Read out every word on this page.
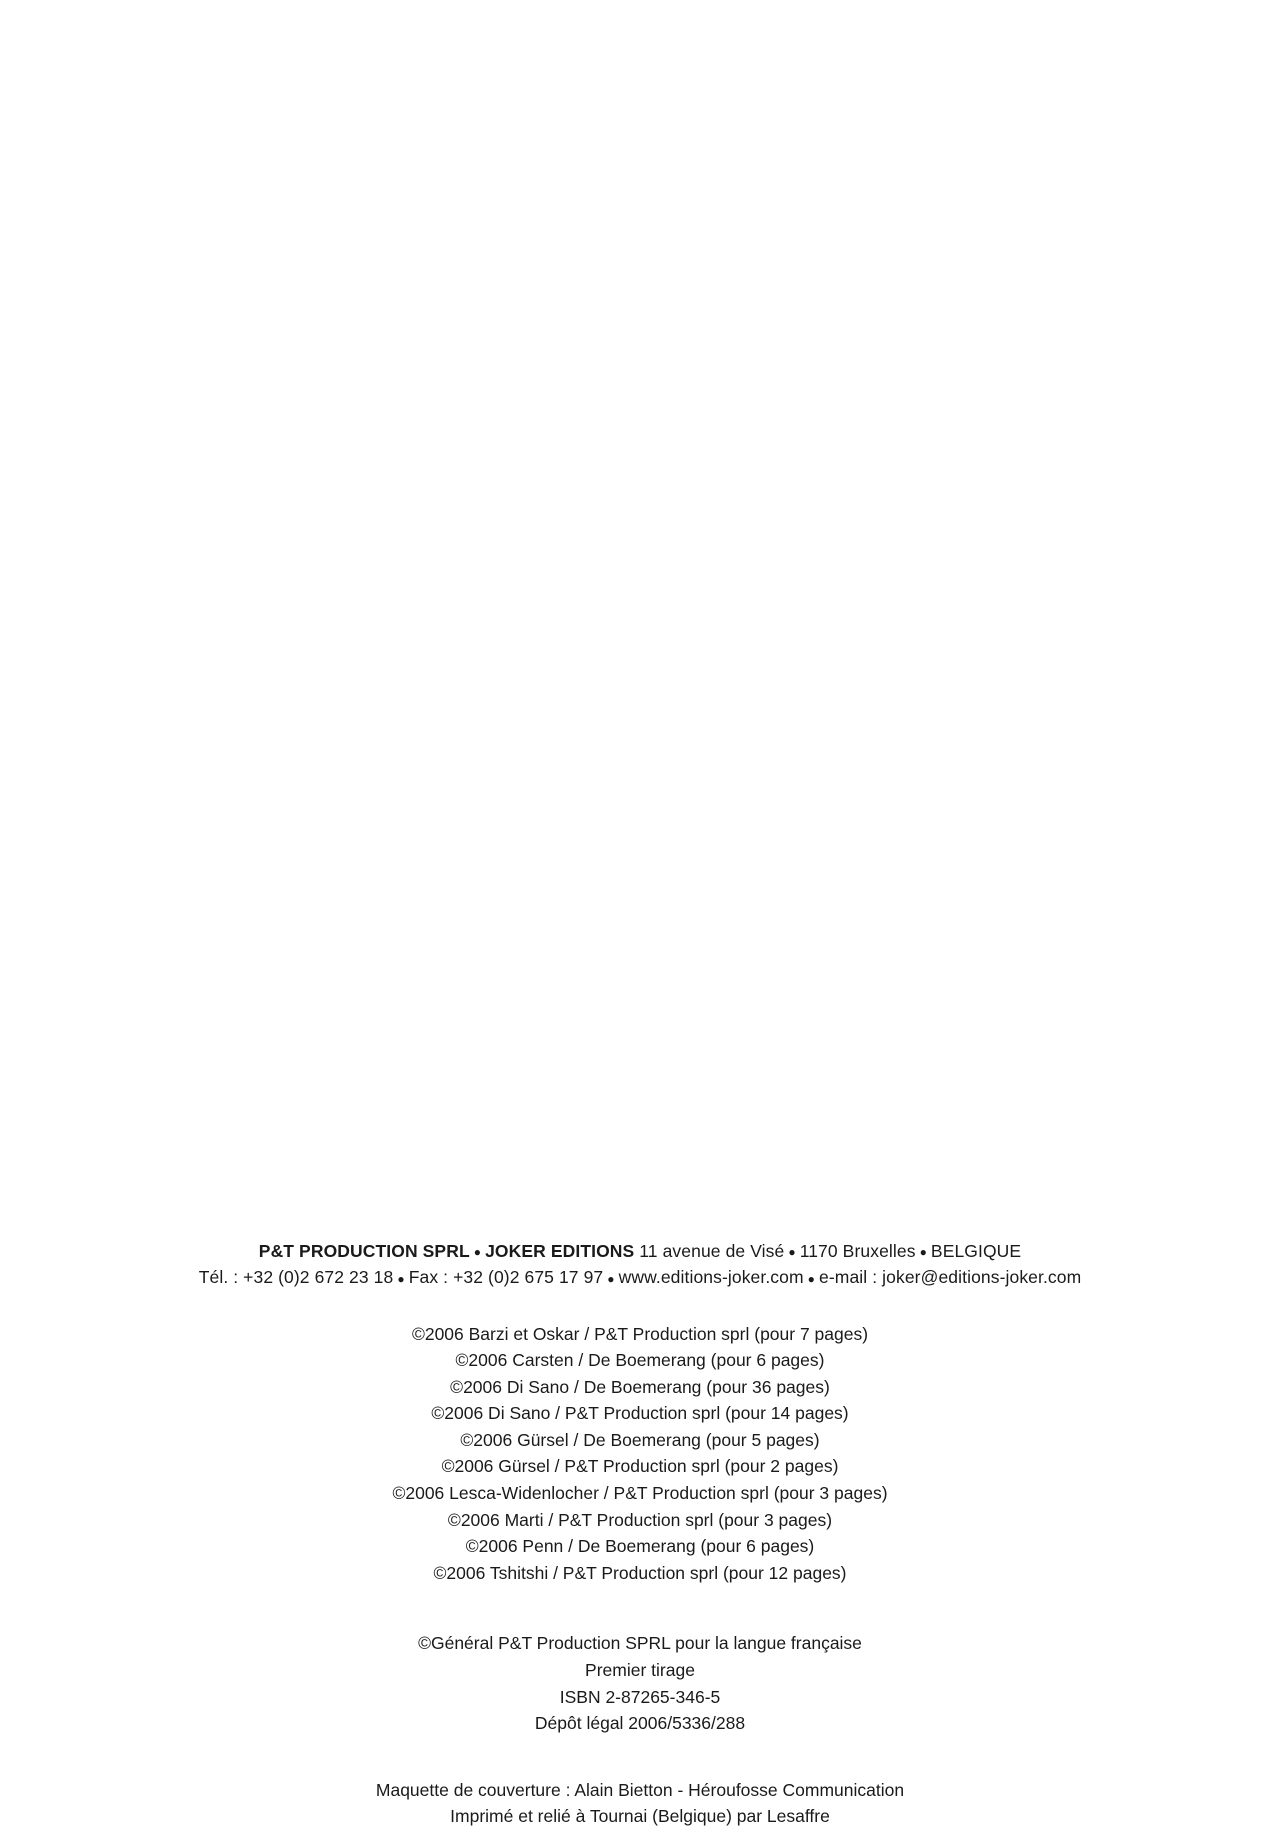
P&T PRODUCTION SPRL ● JOKER EDITIONS 11 avenue de Visé ● 1170 Bruxelles ● BELGIQUE
Tél. : +32 (0)2 672 23 18 ● Fax : +32 (0)2 675 17 97 ● www.editions-joker.com ● e-mail : joker@editions-joker.com
©2006 Barzi et Oskar / P&T Production sprl (pour 7 pages)
©2006 Carsten / De Boemerang (pour 6 pages)
©2006 Di Sano / De Boemerang (pour 36 pages)
©2006 Di Sano / P&T Production sprl (pour 14 pages)
©2006 Gürsel / De Boemerang (pour 5 pages)
©2006 Gürsel / P&T Production sprl (pour 2 pages)
©2006 Lesca-Widenlocher / P&T Production sprl (pour 3 pages)
©2006 Marti / P&T Production sprl (pour 3 pages)
©2006 Penn / De Boemerang (pour 6 pages)
©2006 Tshitshi / P&T Production sprl (pour 12 pages)
©Général P&T Production SPRL pour la langue française
Premier tirage
ISBN 2-87265-346-5
Dépôt légal 2006/5336/288
Maquette de couverture : Alain Bietton - Héroufosse Communication
Imprimé et relié à Tournai (Belgique) par Lesaffre
